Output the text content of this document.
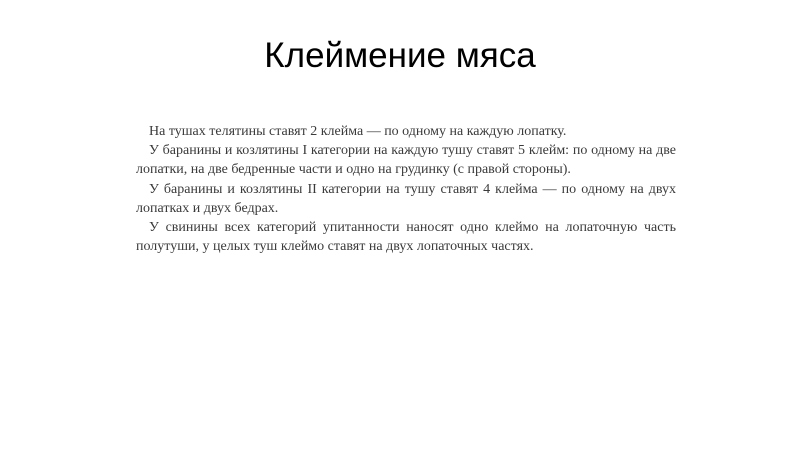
Клеймение мяса

На тушах телятины ставят 2 клейма — по одному на каждую лопатку.

У баранины и козлятины I категории на каждую тушу ставят 5 клейм: по одному на две лопатки, на две бедренные части и одно на грудинку (с правой стороны).

У баранины и козлятины II категории на тушу ставят 4 клейма — по одному на двух лопатках и двух бедрах.

У свинины всех категорий упитанности наносят одно клеймо на лопаточную часть полутуши, у целых туш клеймо ставят на двух лопаточных частях.
